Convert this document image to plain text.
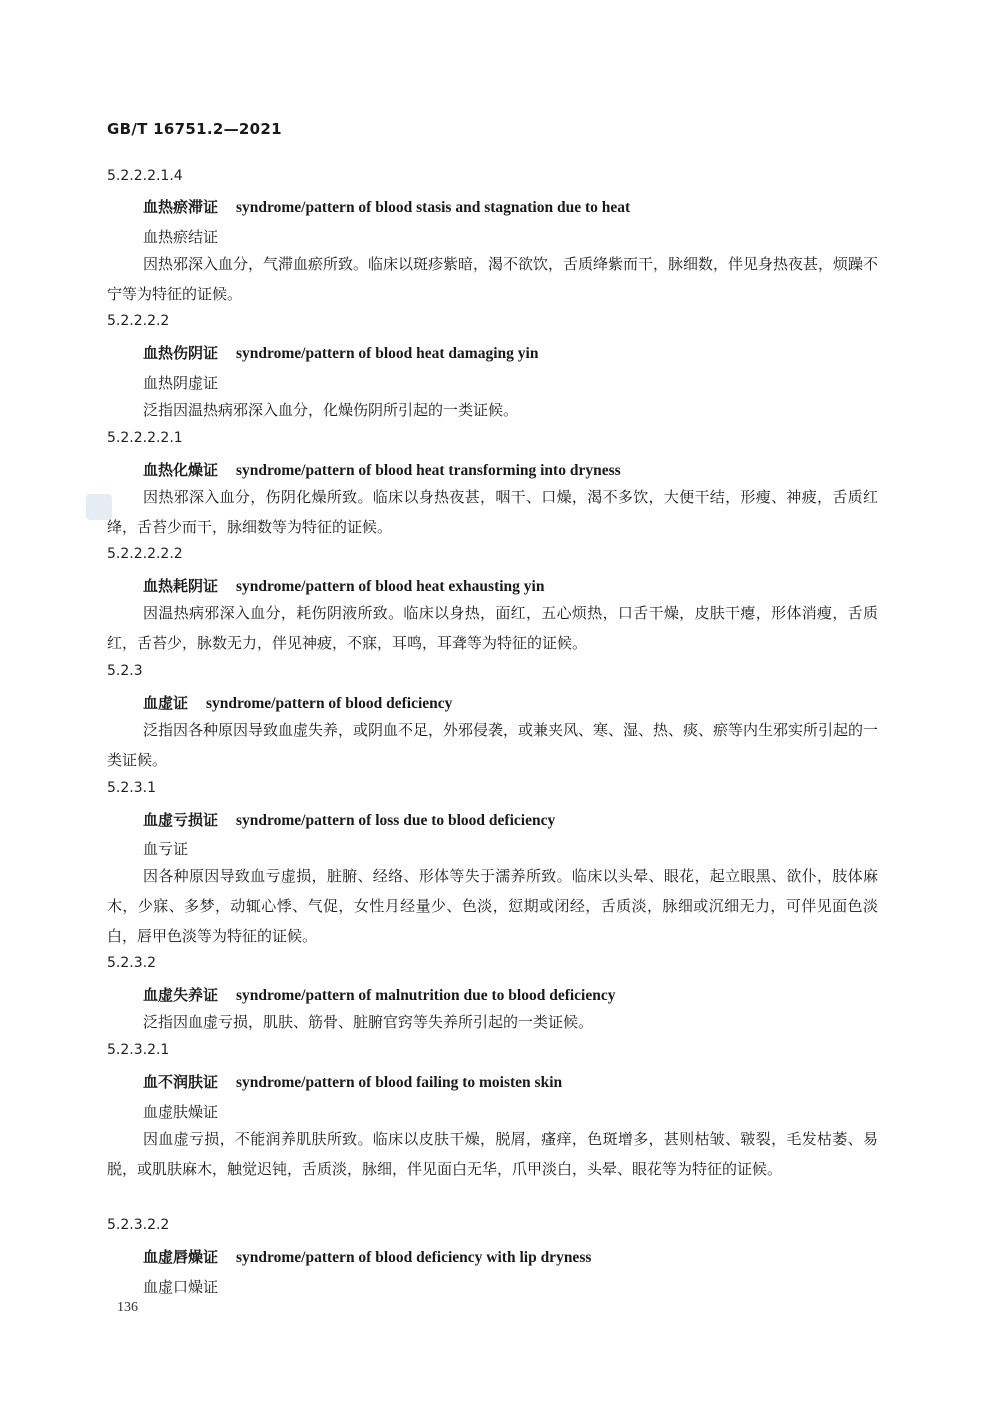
GB/T 16751.2—2021
5.2.2.2.1.4
血热瘀滞证 syndrome/pattern of blood stasis and stagnation due to heat
血热瘀结证
因热邪深入血分，气滞血瘀所致。临床以斑疹紫暗，渴不欲饮，舌质绛紫而干，脉细数，伴见身热夜甚，烦躁不宁等为特征的证候。
5.2.2.2.2
血热伤阴证 syndrome/pattern of blood heat damaging yin
血热阴虚证
泛指因温热病邪深入血分，化燥伤阴所引起的一类证候。
5.2.2.2.2.1
血热化燥证 syndrome/pattern of blood heat transforming into dryness
因热邪深入血分，伤阴化燥所致。临床以身热夜甚，咽干、口燥，渴不多饮，大便干结，形瘦、神疲，舌质红绛，舌苔少而干，脉细数等为特征的证候。
5.2.2.2.2.2
血热耗阴证 syndrome/pattern of blood heat exhausting yin
因温热病邪深入血分，耗伤阴液所致。临床以身热，面红，五心烦热，口舌干燥，皮肤干瘪，形体消瘦，舌质红，舌苔少，脉数无力，伴见神疲，不寐，耳鸣，耳聋等为特征的证候。
5.2.3
血虚证 syndrome/pattern of blood deficiency
泛指因各种原因导致血虚失养，或阴血不足，外邪侵袭，或兼夹风、寒、湿、热、痰、瘀等内生邪实所引起的一类证候。
5.2.3.1
血虚亏损证 syndrome/pattern of loss due to blood deficiency
血亏证
因各种原因导致血亏虚损，脏腑、经络、形体等失于濡养所致。临床以头晕、眼花，起立眼黑、欲仆，肢体麻木，少寐、多梦，动辄心悸、气促，女性月经量少、色淡，愆期或闭经，舌质淡，脉细或沉细无力，可伴见面色淡白，唇甲色淡等为特征的证候。
5.2.3.2
血虚失养证 syndrome/pattern of malnutrition due to blood deficiency
泛指因血虚亏损，肌肤、筋骨、脏腑官窍等失养所引起的一类证候。
5.2.3.2.1
血不润肤证 syndrome/pattern of blood failing to moisten skin
血虚肤燥证
因血虚亏损，不能润养肌肤所致。临床以皮肤干燥，脱屑，瘙痒，色斑增多，甚则枯皱、皲裂，毛发枯萎、易脱，或肌肤麻木，触觉迟钝，舌质淡，脉细，伴见面白无华，爪甲淡白，头晕、眼花等为特征的证候。
5.2.3.2.2
血虚唇燥证 syndrome/pattern of blood deficiency with lip dryness
血虚口燥证
136
